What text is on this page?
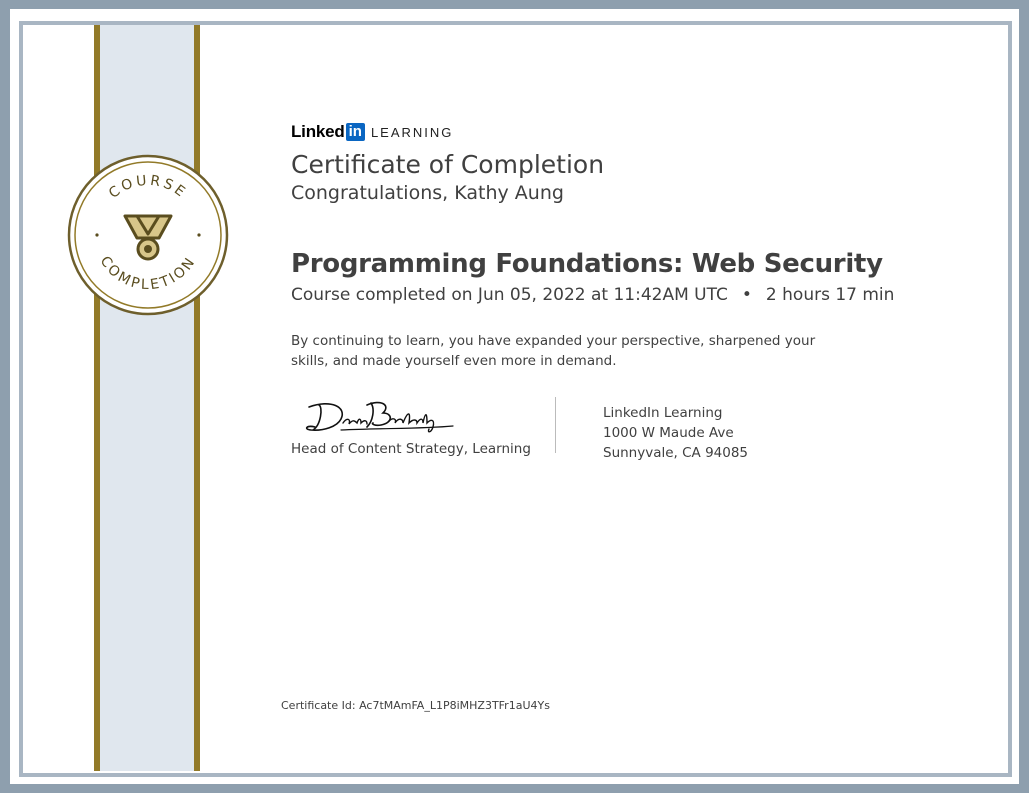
COURSE
COMPLETION
Linked in LEARNING
Certificate of Completion
Congratulations, Kathy Aung
Programming Foundations: Web Security
Course completed on Jun 05, 2022 at 11:42AM UTC • 2 hours 17 min
By continuing to learn, you have expanded your perspective, sharpened your skills, and made yourself even more in demand.
Head of Content Strategy, Learning
LinkedIn Learning
1000 W Maude Ave
Sunnyvale, CA 94085
Certificate Id: Ac7tMAmFA_L1P8iMHZ3TFr1aU4Ys
